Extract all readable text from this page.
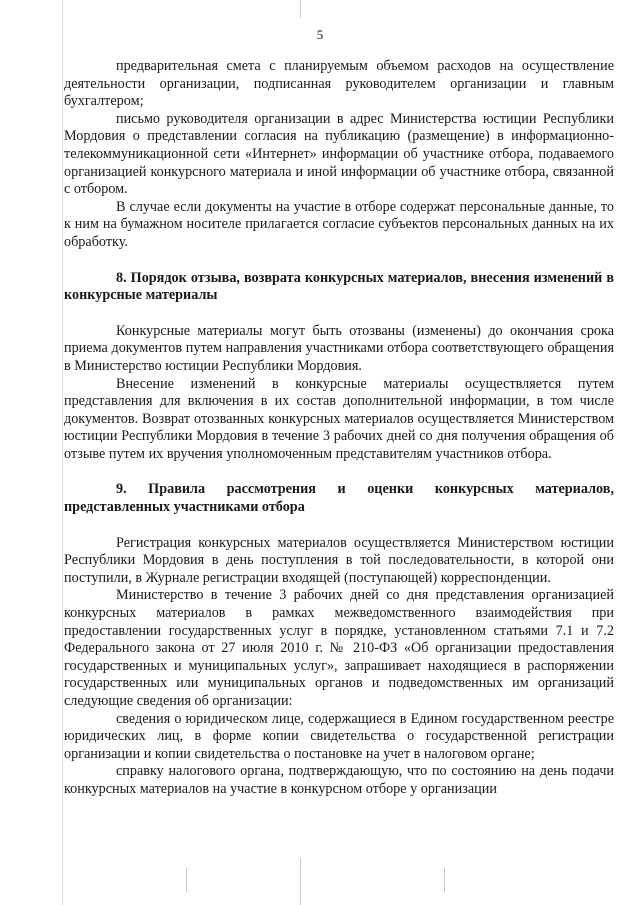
5

предварительная смета с планируемым объемом расходов на осуществление деятельности организации, подписанная руководителем организации и главным бухгалтером;

письмо руководителя организации в адрес Министерства юстиции Республики Мордовия о представлении согласия на публикацию (размещение) в информационно-телекоммуникационной сети «Интернет» информации об участнике отбора, подаваемого организацией конкурсного материала и иной информации об участнике отбора, связанной с отбором.

В случае если документы на участие в отборе содержат персональные данные, то к ним на бумажном носителе прилагается согласие субъектов персональных данных на их обработку.

8. Порядок отзыва, возврата конкурсных материалов, внесения изменений в конкурсные материалы

Конкурсные материалы могут быть отозваны (изменены) до окончания срока приема документов путем направления участниками отбора соответствующего обращения в Министерство юстиции Республики Мордовия.

Внесение изменений в конкурсные материалы осуществляется путем представления для включения в их состав дополнительной информации, в том числе документов. Возврат отозванных конкурсных материалов осуществляется Министерством юстиции Республики Мордовия в течение 3 рабочих дней со дня получения обращения об отзыве путем их вручения уполномоченным представителям участников отбора.

9. Правила рассмотрения и оценки конкурсных материалов, представленных участниками отбора

Регистрация конкурсных материалов осуществляется Министерством юстиции Республики Мордовия в день поступления в той последовательности, в которой они поступили, в Журнале регистрации входящей (поступающей) корреспонденции.

Министерство в течение 3 рабочих дней со дня представления организацией конкурсных материалов в рамках межведомственного взаимодействия при предоставлении государственных услуг в порядке, установленном статьями 7.1 и 7.2 Федерального закона от 27 июля 2010 г. № 210-ФЗ «Об организации предоставления государственных и муниципальных услуг», запрашивает находящиеся в распоряжении государственных или муниципальных органов и подведомственных им организаций следующие сведения об организации:

сведения о юридическом лице, содержащиеся в Едином государственном реестре юридических лиц, в форме копии свидетельства о государственной регистрации организации и копии свидетельства о постановке на учет в налоговом органе;

справку налогового органа, подтверждающую, что по состоянию на день подачи конкурсных материалов на участие в конкурсном отборе у организации
